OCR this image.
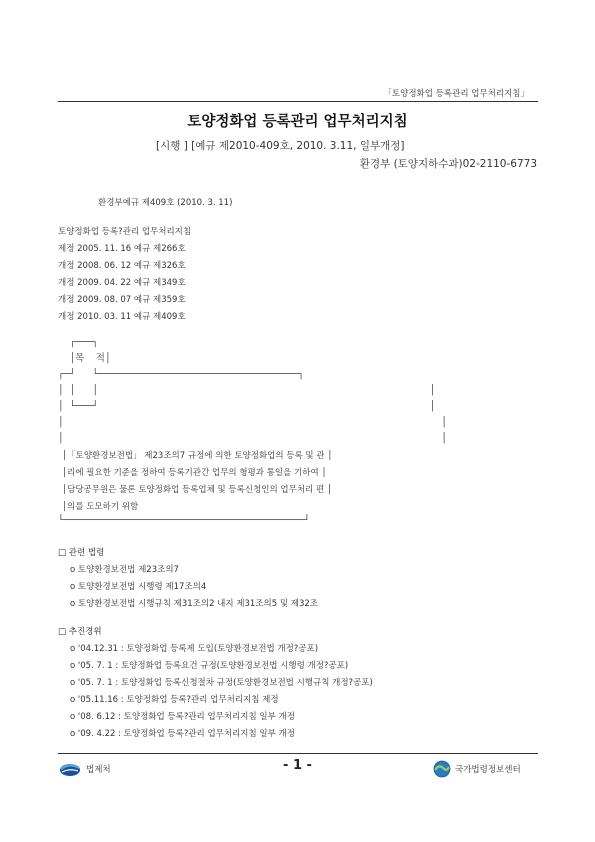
「토양정화업 등록관리 업무처리지침」
토양정화업 등록관리 업무처리지침
[시행 ] [예규 제2010-409호, 2010. 3.11, 일부개정]
환경부 (토양지하수과)02-2110-6773
환경부예규 제409호 (2010. 3. 11)
토양정화업 등록?관리 업무처리지침
제정 2005. 11. 16 예규 제266호
개정 2008. 06. 12 예규 제326호
개정 2009. 04. 22 예규 제349호
개정 2009. 08. 07 예규 제359호
개정 2010. 03. 11 예규 제409호
┌───┐
│목  적│
┌─┘   └───────────────────────────────────┐
│ │   │                                                          │
│ └───┘                                                          │
│                                                                  │
│                                                                  │
│「토양환경보전법」 제23조의7 규정에 의한 토양정화업의 등록 및 관 │
│리에 필요한 기준을 정하여 등록기관간 업무의 형평과 통일을 기하여 │
│담당공무원은 물론 토양정화업 등록업체 및 등록신청인의 업무처리 편 │
│의를 도모하기 위함
└──────────────────────────────────────────┘
□ 관련 법령
o 토양환경보전법 제23조의7
o 토양환경보전법 시행령 제17조의4
o 토양환경보전법 시행규칙 제31조의2 내지 제31조의5 및 제32조
□ 추진경위
o '04.12.31 : 토양정화업 등록제 도입(토양환경보전법 개정?공포)
o '05. 7. 1 : 토양정화업 등록요건 규정(토양환경보전법 시행령 개정?공포)
o '05. 7. 1 : 토양정화업 등록신청절차 규정(토양환경보전법 시행규칙 개정?공포)
o '05.11.16 : 토양정화업 등록?관리 업무처리지침 제정
o '08. 6.12 : 토양정화업 등록?관리 업무처리지침 일부 개정
o '09. 4.22 : 토양정화업 등록?관리 업무처리지침 일부 개정
법제처	- 1 -	국가법령정보센터
